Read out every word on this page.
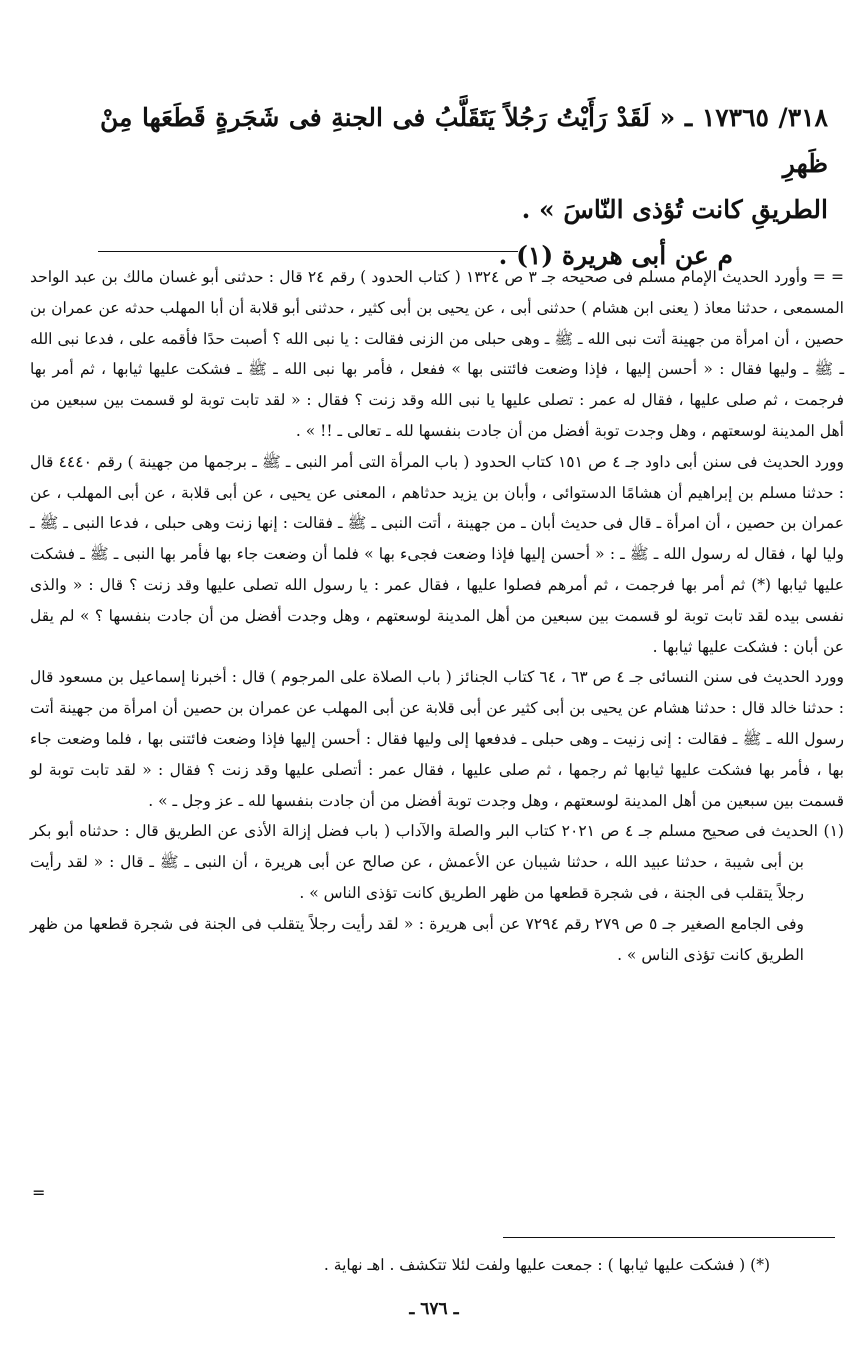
٣١٨/ ١٧٣٦٥ ـ « لَقَدْ رَأَيْتُ رَجُلاً يَتَقَلَّبُ فى الجنةِ فى شَجَرةٍ قَطَعَها مِنْ ظَهرِ

الطريقِ كانت تُؤذى النّاسَ » .

م عن أبى هريرة (١) .

= = وأورد الحديث الإمام مسلم فى صحيحه جـ ٣ ص ١٣٢٤ ( كتاب الحدود ) رقم ٢٤ قال : حدثنى أبو غسان مالك بن عبد الواحد المسمعى ، حدثنا معاذ ( يعنى ابن هشام ) حدثنى أبى ، عن يحيى بن أبى كثير ، حدثنى أبو قلابة أن أبا المهلب حدثه عن عمران بن حصين ، أن امرأة من جهينة أتت نبى الله ـ ﷺ ـ وهى حبلى من الزنى فقالت : يا نبى الله ؟ أصبت حدًا فأقمه على ، فدعا نبى الله ـ ﷺ ـ وليها فقال : « أحسن إليها ، فإذا وضعت فائتنى بها » ففعل ، فأمر بها نبى الله ـ ﷺ ـ فشكت عليها ثيابها ، ثم أمر بها فرجمت ، ثم صلى عليها ، فقال له عمر : تصلى عليها يا نبى الله وقد زنت ؟ فقال : « لقد تابت توبة لو قسمت بين سبعين من أهل المدينة لوسعتهم ، وهل وجدت توبة أفضل من أن جادت بنفسها لله ـ تعالى ـ !! » .

وورد الحديث فى سنن أبى داود جـ ٤ ص ١٥١ كتاب الحدود ( باب المرأة التى أمر النبى ـ ﷺ ـ برجمها من جهينة ) رقم ٤٤٤٠ قال : حدثنا مسلم بن إبراهيم أن هشامًا الدستوائى ، وأبان بن يزيد حدثاهم ، المعنى عن يحيى ، عن أبى قلابة ، عن أبى المهلب ، عن عمران بن حصين ، أن امرأة ـ قال فى حديث أبان ـ من جهينة ، أتت النبى ـ ﷺ ـ فقالت : إنها زنت وهى حبلى ، فدعا النبى ـ ﷺ ـ وليا لها ، فقال له رسول الله ـ ﷺ ـ : « أحسن إليها فإذا وضعت فجىء بها » فلما أن وضعت جاء بها فأمر بها النبى ـ ﷺ ـ فشكت عليها ثيابها (*) ثم أمر بها فرجمت ، ثم أمرهم فصلوا عليها ، فقال عمر : يا رسول الله تصلى عليها وقد زنت ؟ قال : « والذى نفسى بيده لقد تابت توبة لو قسمت بين سبعين من أهل المدينة لوسعتهم ، وهل وجدت أفضل من أن جادت بنفسها ؟ » لم يقل عن أبان : فشكت عليها ثيابها .

وورد الحديث فى سنن النسائى جـ ٤ ص ٦٣ ، ٦٤ كتاب الجنائز ( باب الصلاة على المرجوم ) قال : أخبرنا إسماعيل بن مسعود قال : حدثنا خالد قال : حدثنا هشام عن يحيى بن أبى كثير عن أبى قلابة عن أبى المهلب عن عمران بن حصين أن امرأة من جهينة أتت رسول الله ـ ﷺ ـ فقالت : إنى زنيت ـ وهى حبلى ـ فدفعها إلى وليها فقال : أحسن إليها فإذا وضعت فائتنى بها ، فلما وضعت جاء بها ، فأمر بها فشكت عليها ثيابها ثم رجمها ، ثم صلى عليها ، فقال عمر : أتصلى عليها وقد زنت ؟ فقال : « لقد تابت توبة لو قسمت بين سبعين من أهل المدينة لوسعتهم ، وهل وجدت توبة أفضل من أن جادت بنفسها لله ـ عز وجل ـ » .

(١) الحديث فى صحيح مسلم جـ ٤ ص ٢٠٢١ كتاب البر والصلة والآداب ( باب فضل إزالة الأذى عن الطريق قال : حدثناه أبو بكر بن أبى شيبة ، حدثنا عبيد الله ، حدثنا شيبان عن الأعمش ، عن صالح عن أبى هريرة ، أن النبى ـ ﷺ ـ قال : « لقد رأيت رجلاً يتقلب فى الجنة ، فى شجرة قطعها من ظهر الطريق كانت تؤذى الناس » .

وفى الجامع الصغير جـ ٥ ص ٢٧٩ رقم ٧٢٩٤ عن أبى هريرة : « لقد رأيت رجلاً يتقلب فى الجنة فى شجرة قطعها من ظهر الطريق كانت تؤذى الناس » .

=
(*) ( فشكت عليها ثيابها ) : جمعت عليها ولفت لئلا تتكشف . اهـ نهاية .
ـ ٦٧٦ ـ
